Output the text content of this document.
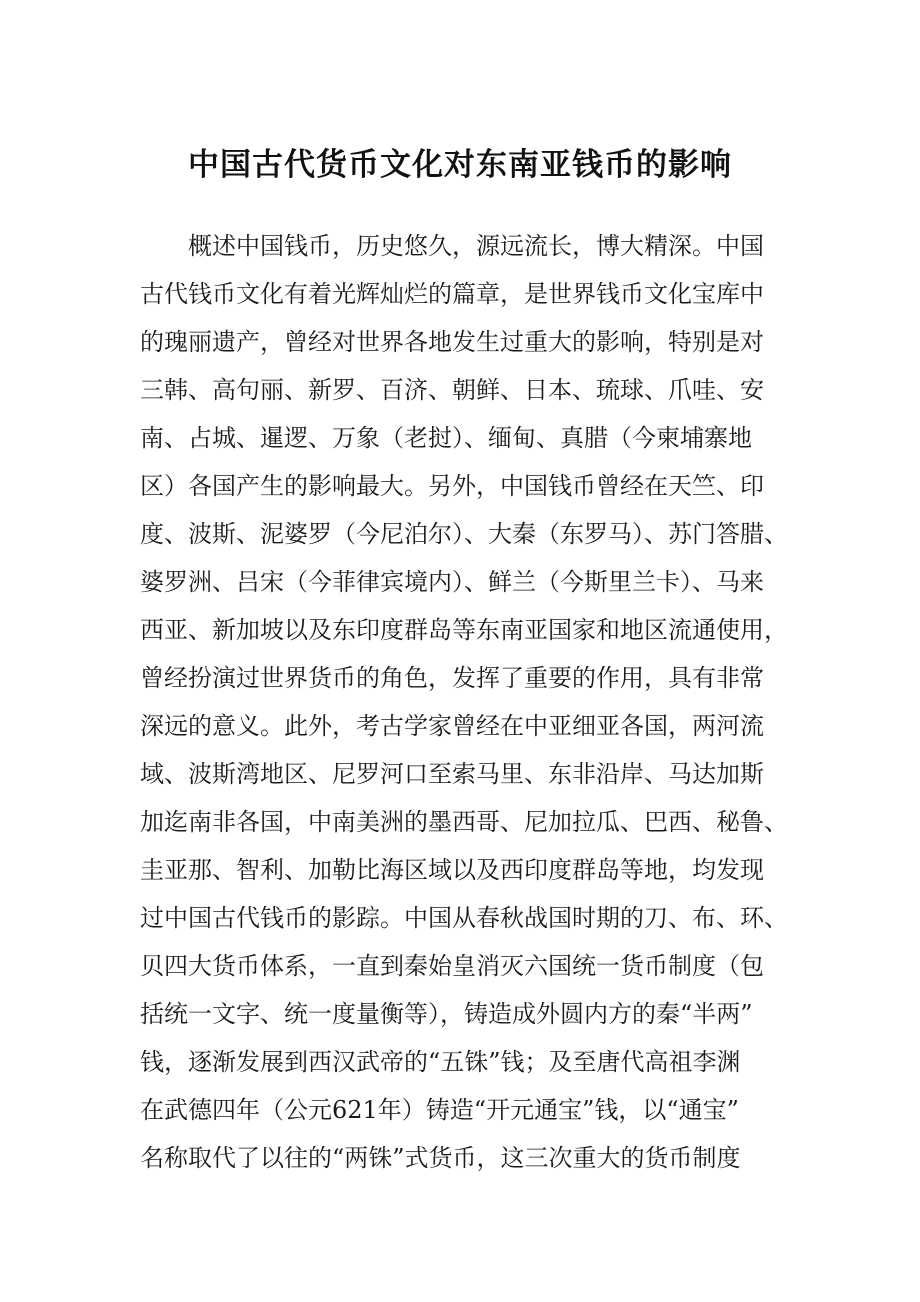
中国古代货币文化对东南亚钱币的影响
　　概述中国钱币，历史悠久，源远流长，博大精深。中国
古代钱币文化有着光辉灿烂的篇章，是世界钱币文化宝库中
的瑰丽遗产，曾经对世界各地发生过重大的影响，特别是对
三韩、高句丽、新罗、百济、朝鲜、日本、琉球、爪哇、安
南、占城、暹逻、万象（老挝）、缅甸、真腊（今柬埔寨地
区）各国产生的影响最大。另外，中国钱币曾经在天竺、印
度、波斯、泥婆罗（今尼泊尔）、大秦（东罗马）、苏门答腊、
婆罗洲、吕宋（今菲律宾境内）、鲜兰（今斯里兰卡）、马来
西亚、新加坡以及东印度群岛等东南亚国家和地区流通使用，
曾经扮演过世界货币的角色，发挥了重要的作用，具有非常
深远的意义。此外，考古学家曾经在中亚细亚各国，两河流
域、波斯湾地区、尼罗河口至索马里、东非沿岸、马达加斯
加迄南非各国，中南美洲的墨西哥、尼加拉瓜、巴西、秘鲁、
圭亚那、智利、加勒比海区域以及西印度群岛等地，均发现
过中国古代钱币的影踪。中国从春秋战国时期的刀、布、环、
贝四大货币体系，一直到秦始皇消灭六国统一货币制度（包
括统一文字、统一度量衡等），铸造成外圆内方的秦“半两”
钱，逐渐发展到西汉武帝的“五铢”钱；及至唐代高祖李渊
在武德四年（公元621年）铸造“开元通宝”钱，以“通宝”
名称取代了以往的“两铢”式货币，这三次重大的货币制度
